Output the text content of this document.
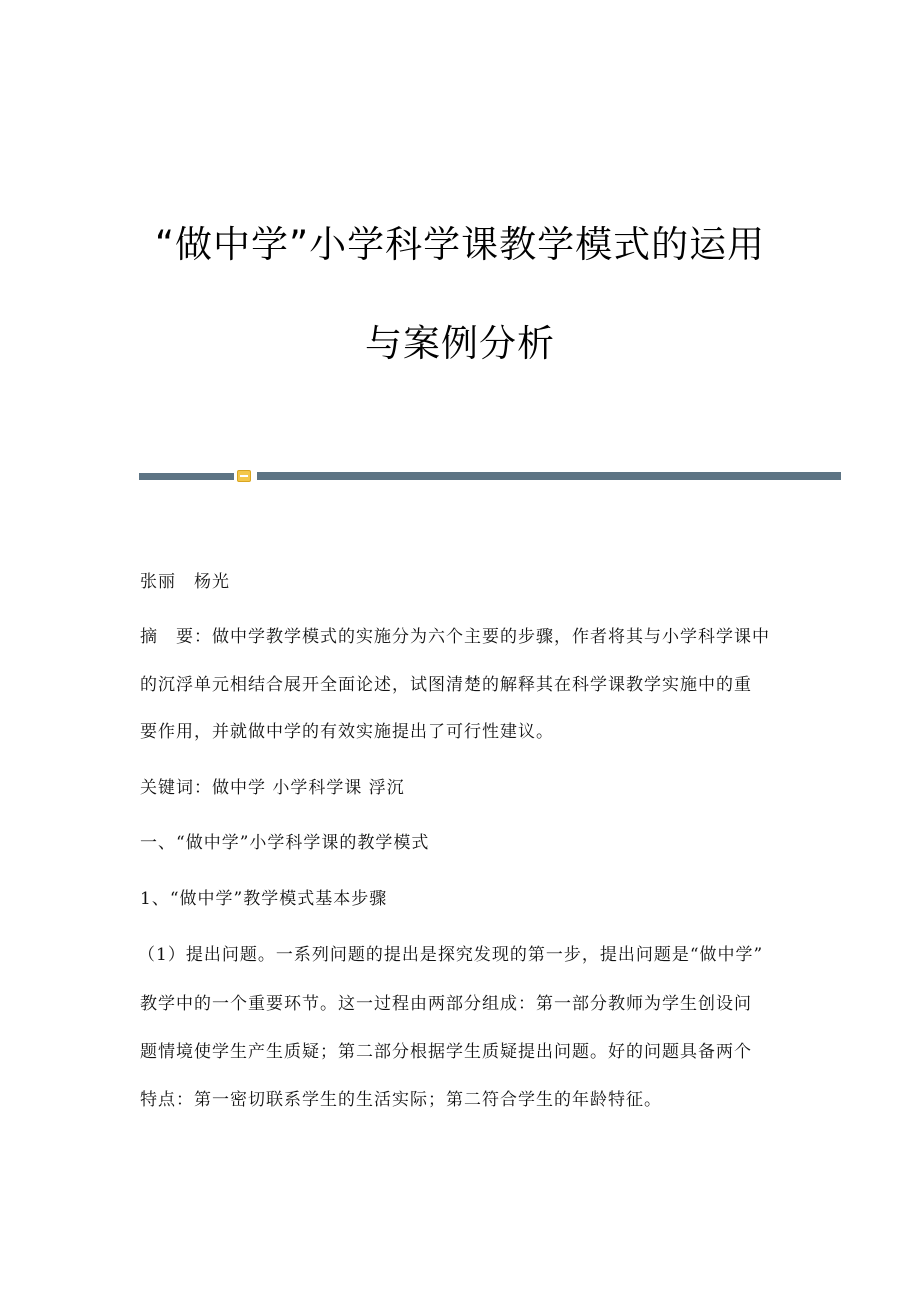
“做中学”小学科学课教学模式的运用
与案例分析
张丽　杨光
摘　要：做中学教学模式的实施分为六个主要的步骤，作者将其与小学科学课中
的沉浮单元相结合展开全面论述，试图清楚的解释其在科学课教学实施中的重
要作用，并就做中学的有效实施提出了可行性建议。
关键词：做中学 小学科学课 浮沉
一、“做中学”小学科学课的教学模式
1、“做中学”教学模式基本步骤
（1）提出问题。一系列问题的提出是探究发现的第一步，提出问题是“做中学”
教学中的一个重要环节。这一过程由两部分组成：第一部分教师为学生创设问
题情境使学生产生质疑；第二部分根据学生质疑提出问题。好的问题具备两个
特点：第一密切联系学生的生活实际；第二符合学生的年龄特征。
